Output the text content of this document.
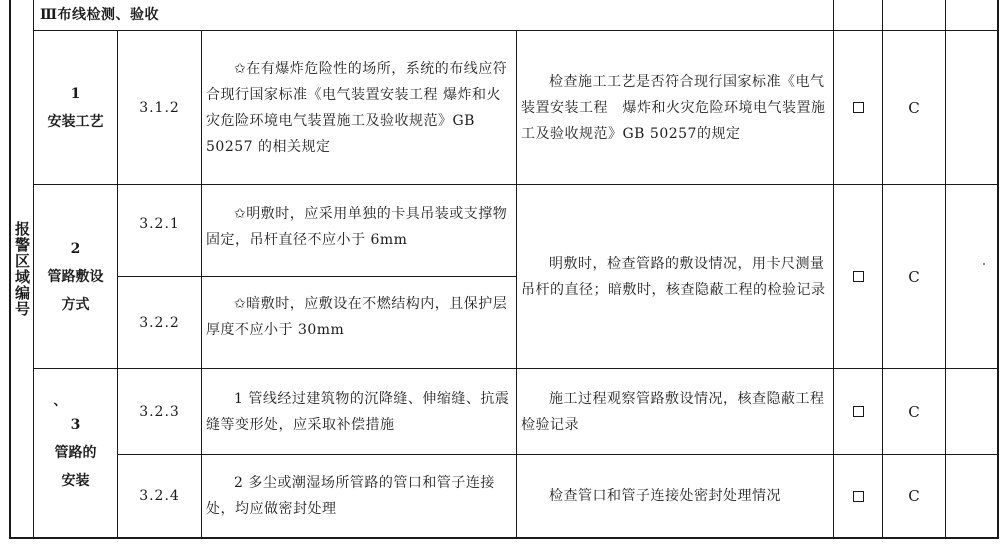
报警区域编号
Ⅲ布线检测、验收
1
安装工艺
3.1.2
✩在有爆炸危险性的场所，系统的布线应符合现行国家标准《电气装置安装工程 爆炸和火灾危险环境电气装置施工及验收规范》GB 50257 的相关规定
检查施工工艺是否符合现行国家标准《电气装置安装工程　爆炸和火灾危险环境电气装置施工及验收规范》GB 50257的规定
C
2
管路敷设
方式
3.2.1
✩明敷时，应采用单独的卡具吊装或支撑物固定，吊杆直径不应小于 6mm
3.2.2
✩暗敷时，应敷设在不燃结构内，且保护层厚度不应小于 30mm
明敷时，检查管路的敷设情况，用卡尺测量吊杆的直径；暗敷时，核查隐蔽工程的检验记录
C
3
管路的
安装
、
3.2.3
1 管线经过建筑物的沉降缝、伸缩缝、抗震缝等变形处，应采取补偿措施
施工过程观察管路敷设情况，核查隐蔽工程检验记录
C
3.2.4
2 多尘或潮湿场所管路的管口和管子连接处，均应做密封处理
检查管口和管子连接处密封处理情况	C
